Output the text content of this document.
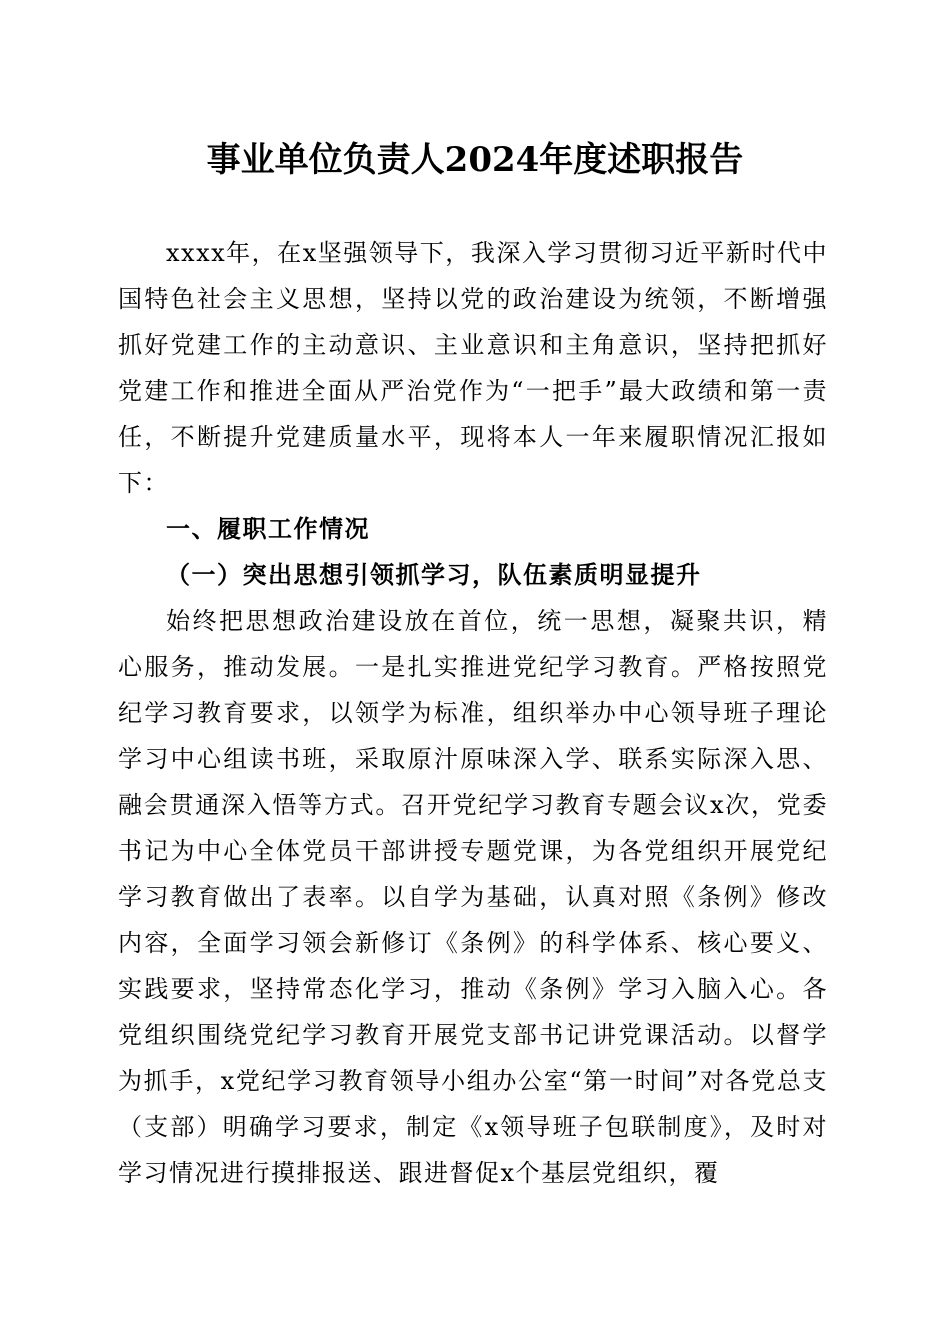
事业单位负责人2024年度述职报告

xxxx年，在x坚强领导下，我深入学习贯彻习近平新时代中国特色社会主义思想，坚持以党的政治建设为统领，不断增强抓好党建工作的主动意识、主业意识和主角意识，坚持把抓好党建工作和推进全面从严治党作为“一把手”最大政绩和第一责任，不断提升党建质量水平，现将本人一年来履职情况汇报如下：

一、履职工作情况

（一）突出思想引领抓学习，队伍素质明显提升

始终把思想政治建设放在首位，统一思想，凝聚共识，精心服务，推动发展。一是扎实推进党纪学习教育。严格按照党纪学习教育要求，以领学为标准，组织举办中心领导班子理论学习中心组读书班，采取原汁原味深入学、联系实际深入思、融会贯通深入悟等方式。召开党纪学习教育专题会议x次，党委书记为中心全体党员干部讲授专题党课，为各党组织开展党纪学习教育做出了表率。以自学为基础，认真对照《条例》修改内容，全面学习领会新修订《条例》的科学体系、核心要义、实践要求，坚持常态化学习，推动《条例》学习入脑入心。各党组织围绕党纪学习教育开展党支部书记讲党课活动。以督学为抓手，x党纪学习教育领导小组办公室“第一时间”对各党总支（支部）明确学习要求，制定《x领导班子包联制度》，及时对学习情况进行摸排报送、跟进督促x个基层党组织，覆
